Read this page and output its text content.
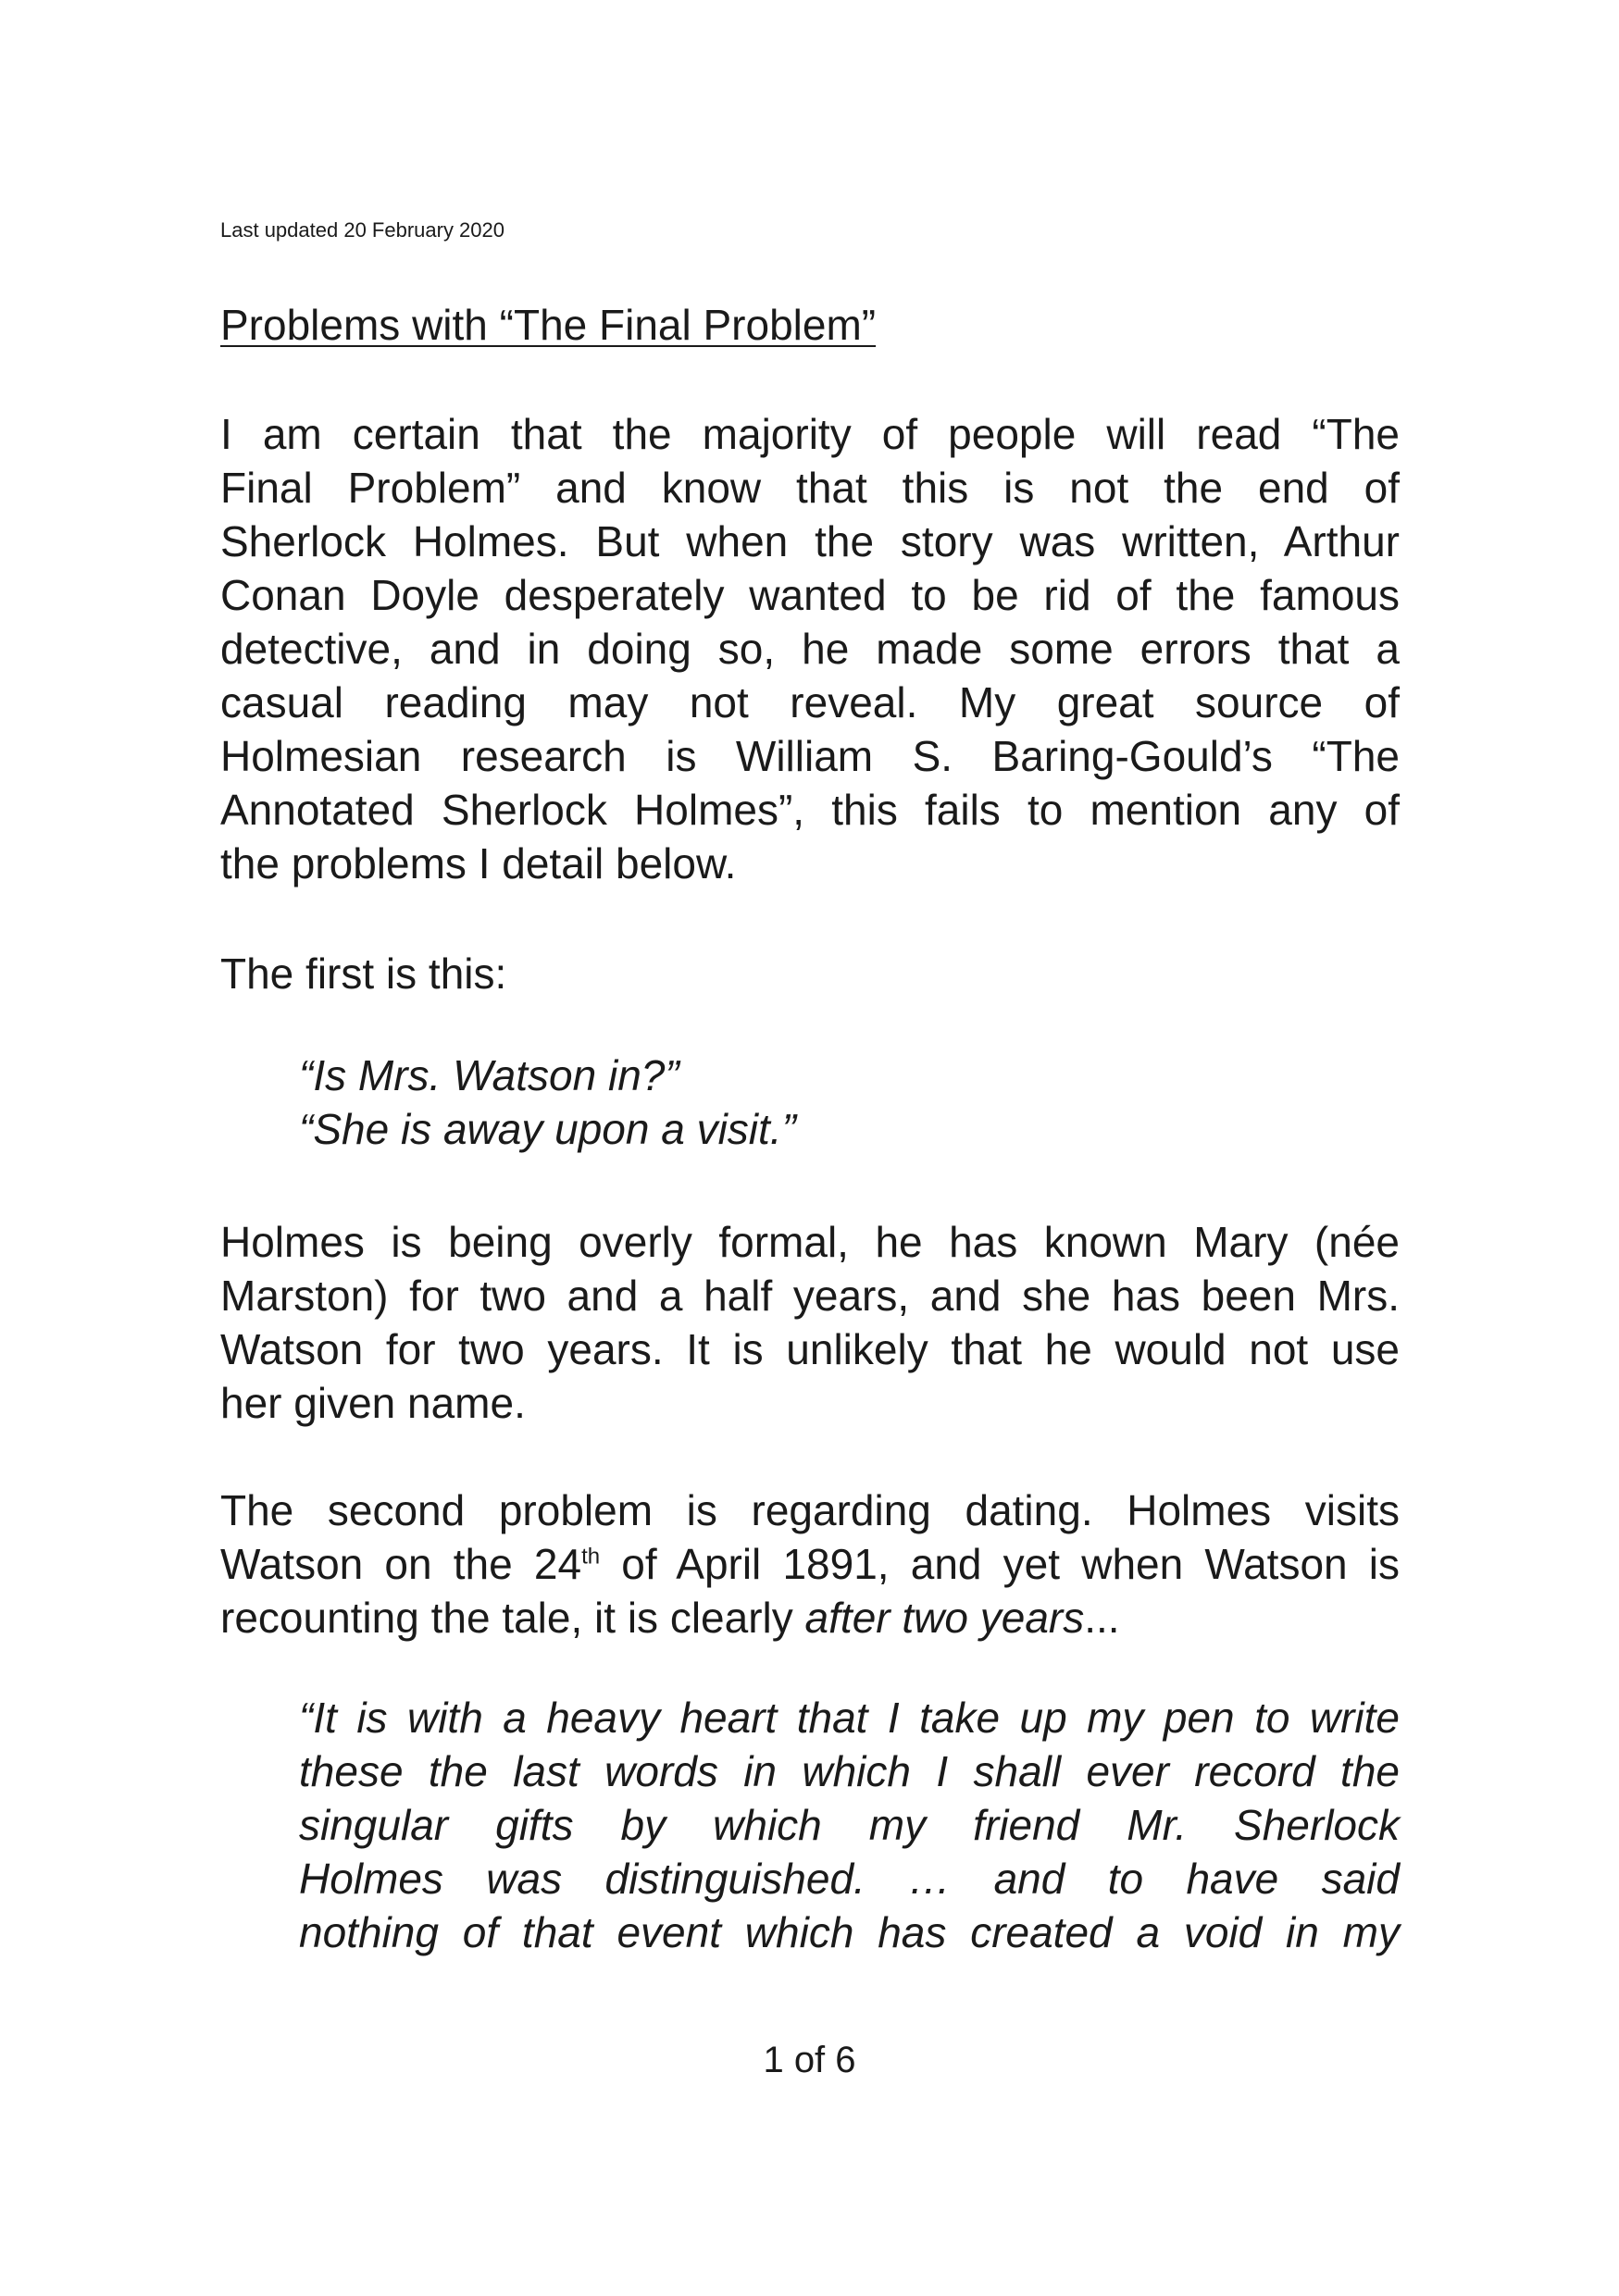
Last updated 20 February 2020
Problems with “The Final Problem”
I am certain that the majority of people will read “The
Final Problem” and know that this is not the end of
Sherlock Holmes. But when the story was written, Arthur
Conan Doyle desperately wanted to be rid of the famous
detective, and in doing so, he made some errors that a
casual reading may not reveal. My great source of
Holmesian research is William S. Baring-Gould’s “The
Annotated Sherlock Holmes”, this fails to mention any of
the problems I detail below.
The first is this:
“Is Mrs. Watson in?”
“She is away upon a visit.”
Holmes is being overly formal, he has known Mary (née
Marston) for two and a half years, and she has been Mrs.
Watson for two years. It is unlikely that he would not use
her given name.
The second problem is regarding dating. Holmes visits
Watson on the 24th of April 1891, and yet when Watson is
recounting the tale, it is clearly after two years...
“It is with a heavy heart that I take up my pen to write
these the last words in which I shall ever record the
singular gifts by which my friend Mr. Sherlock
Holmes was distinguished. … and to have said
nothing of that event which has created a void in my
1 of 6
